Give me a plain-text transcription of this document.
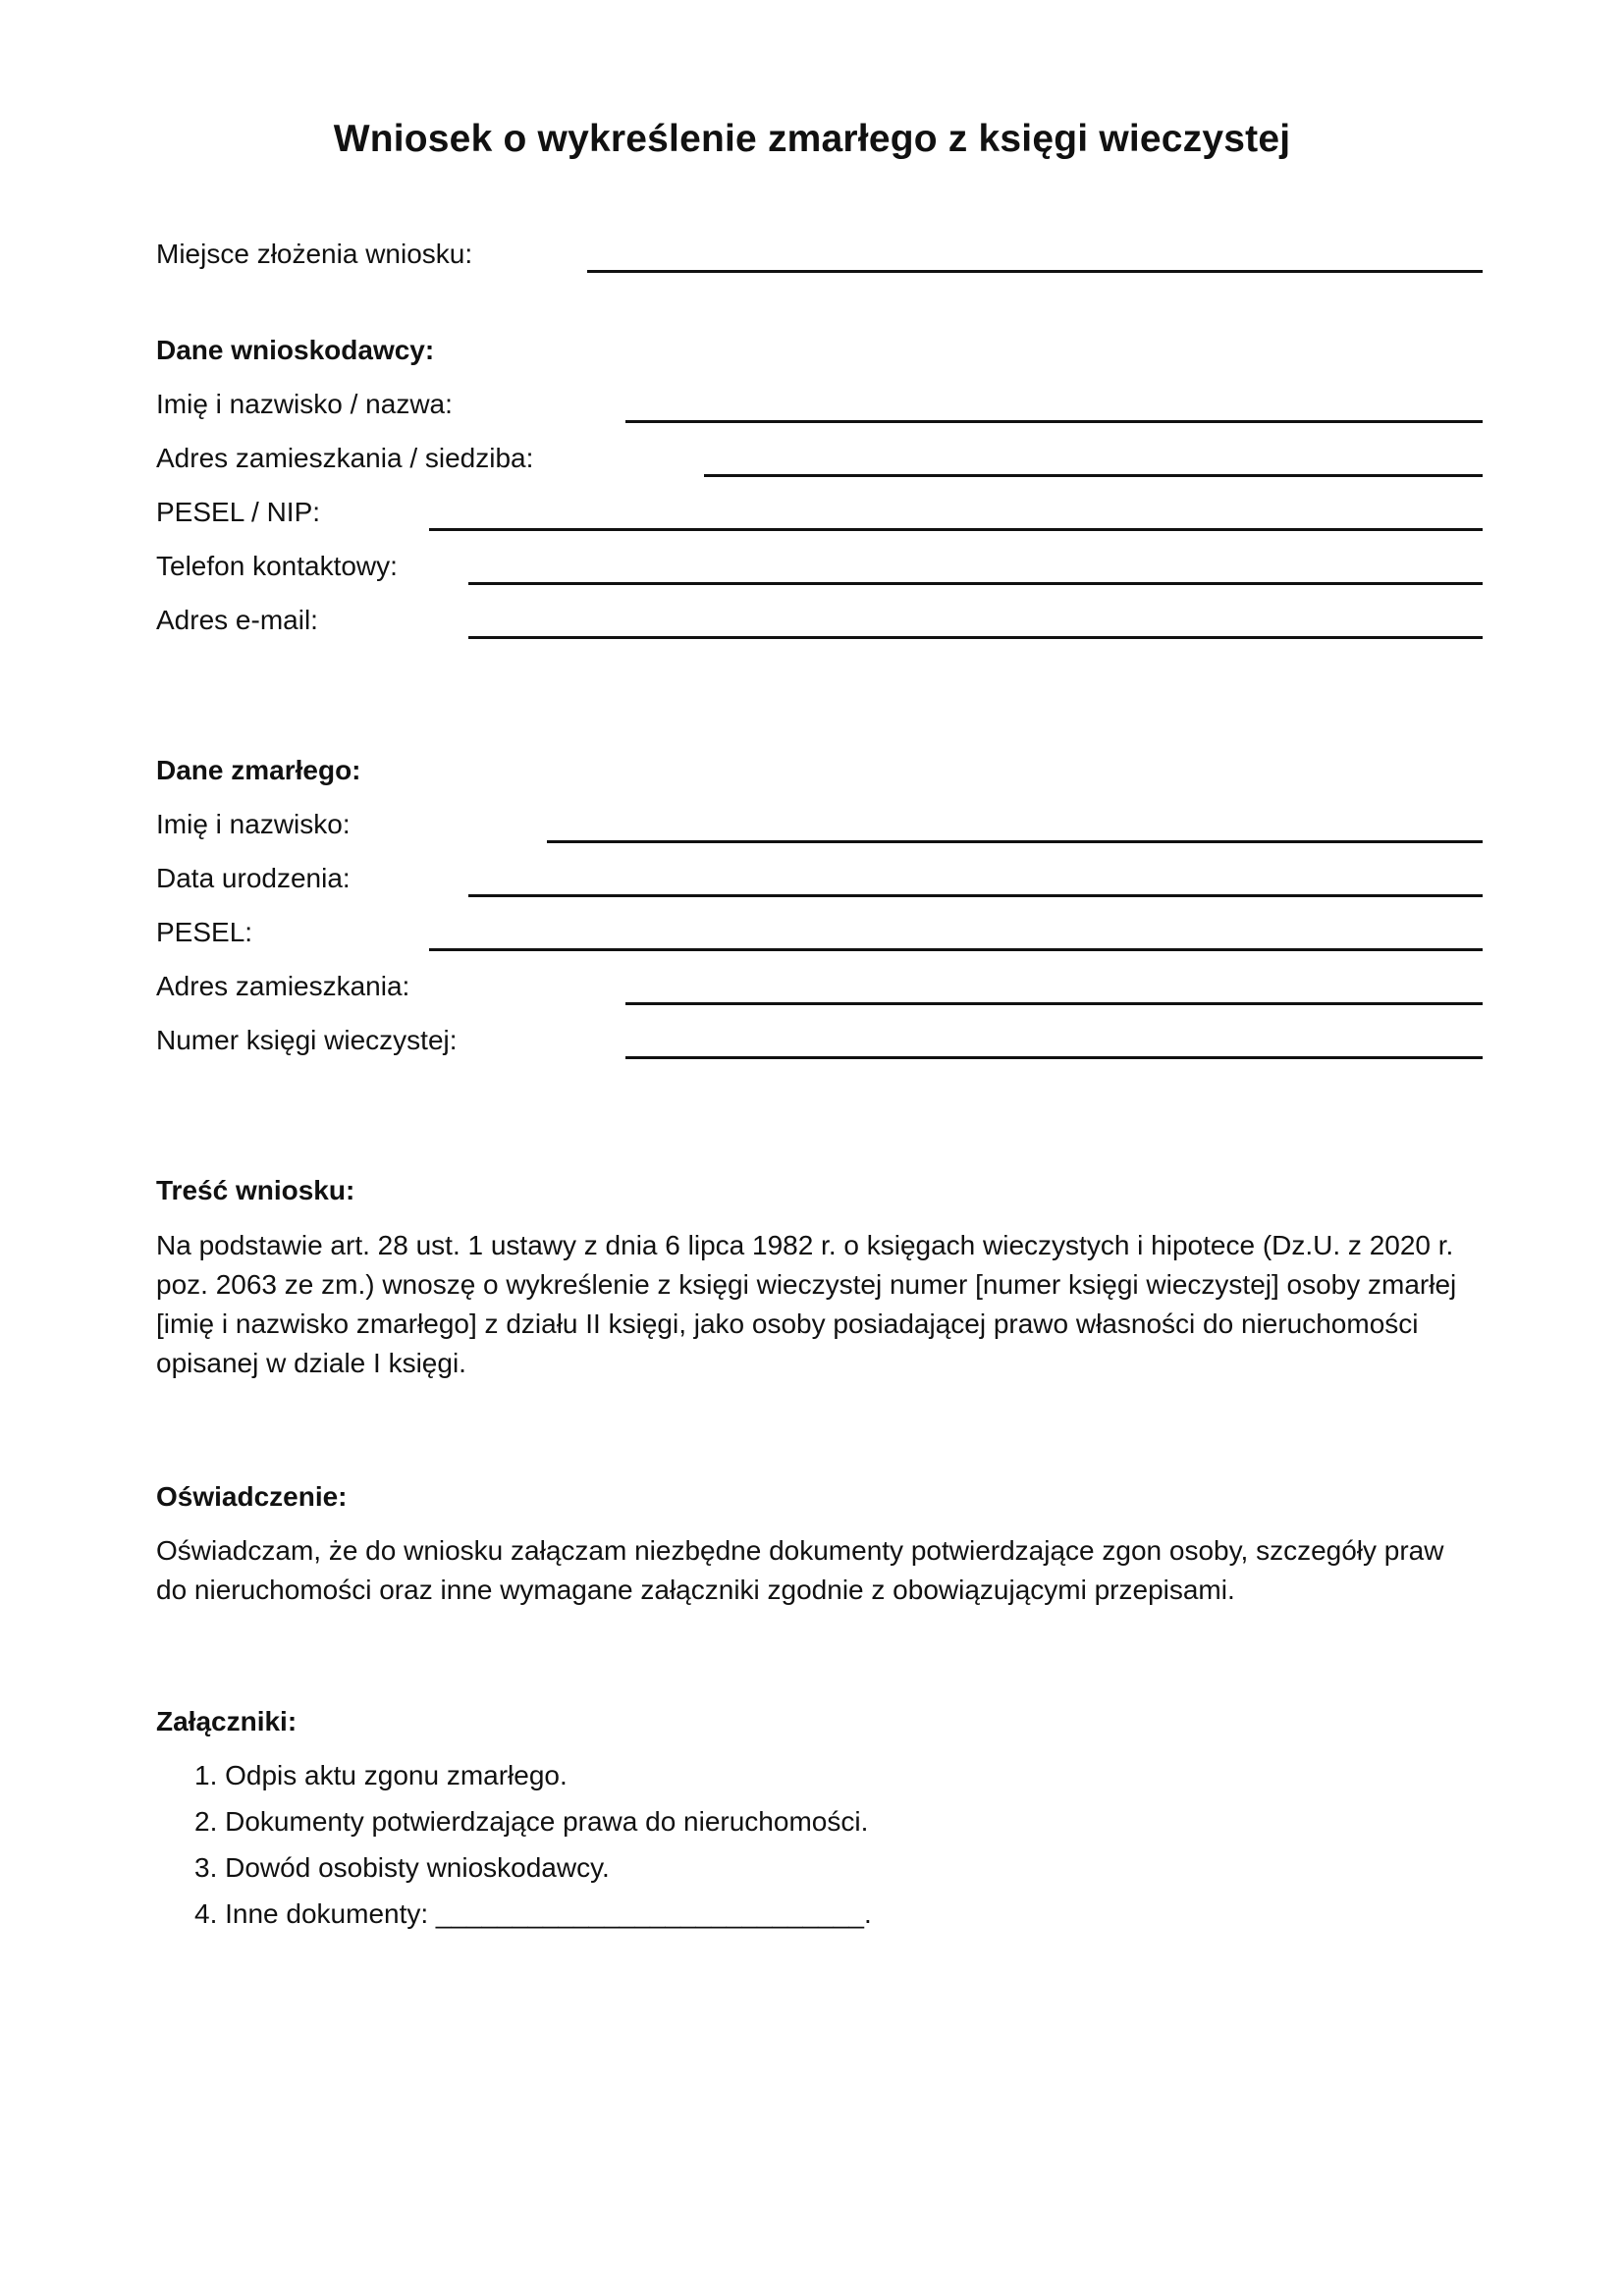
Wniosek o wykreślenie zmarłego z księgi wieczystej
Miejsce złożenia wniosku:
Dane wnioskodawcy:
Imię i nazwisko / nazwa:
Adres zamieszkania / siedziba:
PESEL / NIP:
Telefon kontaktowy:
Adres e-mail:
Dane zmarłego:
Imię i nazwisko:
Data urodzenia:
PESEL:
Adres zamieszkania:
Numer księgi wieczystej:
Treść wniosku:
Na podstawie art. 28 ust. 1 ustawy z dnia 6 lipca 1982 r. o księgach wieczystych i hipotece (Dz.U. z 2020 r.
poz. 2063 ze zm.) wnoszę o wykreślenie z księgi wieczystej numer [numer księgi wieczystej] osoby zmarłej
[imię i nazwisko zmarłego] z działu II księgi, jako osoby posiadającej prawo własności do nieruchomości
opisanej w dziale I księgi.
Oświadczenie:
Oświadczam, że do wniosku załączam niezbędne dokumenty potwierdzające zgon osoby, szczegóły praw
do nieruchomości oraz inne wymagane załączniki zgodnie z obowiązującymi przepisami.
Załączniki:
1. Odpis aktu zgonu zmarłego.
2. Dokumenty potwierdzające prawa do nieruchomości.
3. Dowód osobisty wnioskodawcy.
4. Inne dokumenty: ____________________________.
